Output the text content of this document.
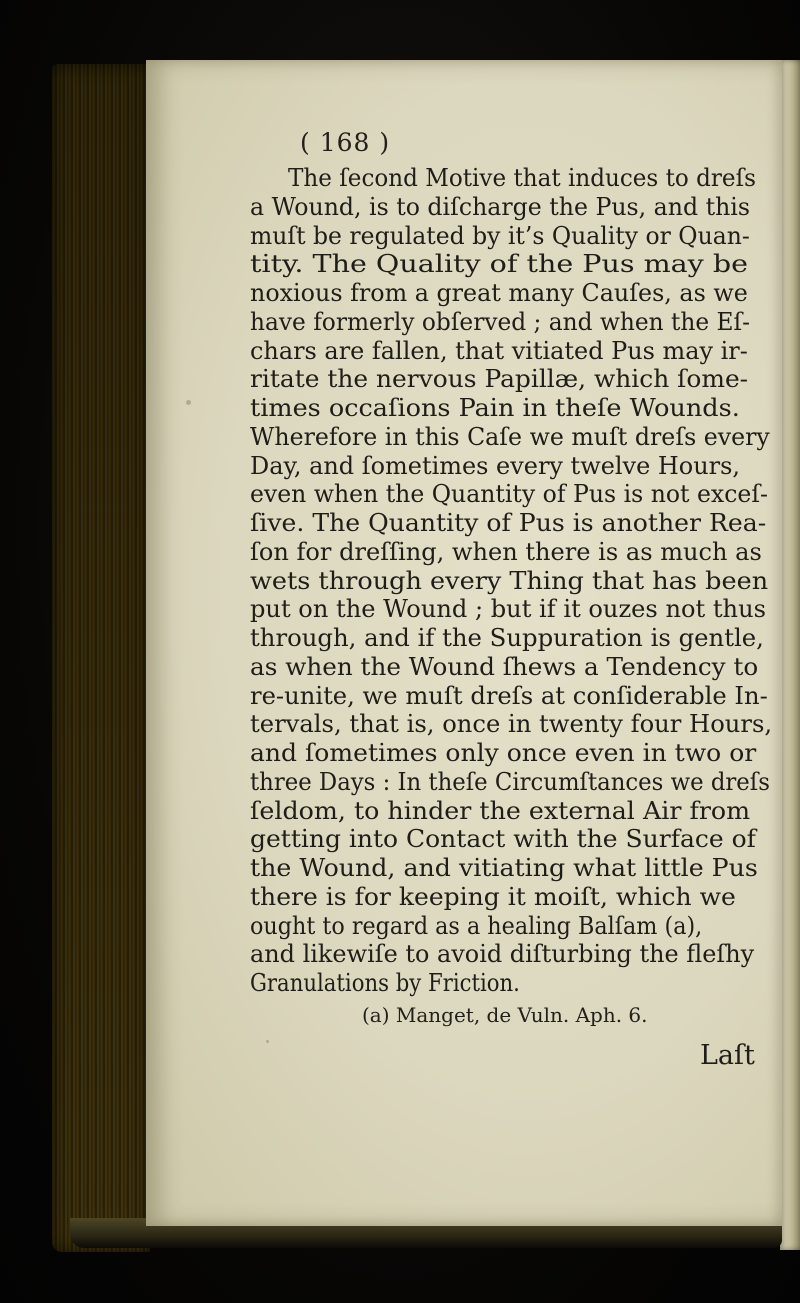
( 168 )
The ſecond Motive that induces to dreſs
a Wound, is to diſcharge the Pus, and this
muſt be regulated by it’s Quality or Quan-
tity. The Quality of the Pus may be
noxious from a great many Cauſes, as we
have formerly obſerved ; and when the Eſ-
chars are fallen, that vitiated Pus may ir-
ritate the nervous Papillæ, which ſome-
times occaſions Pain in theſe Wounds.
Wherefore in this Caſe we muſt dreſs every
Day, and ſometimes every twelve Hours,
even when the Quantity of Pus is not exceſ-
ſive. The Quantity of Pus is another Rea-
ſon for dreſſing, when there is as much as
wets through every Thing that has been
put on the Wound ; but if it ouzes not thus
through, and if the Suppuration is gentle,
as when the Wound ſhews a Tendency to
re-unite, we muſt dreſs at conſiderable In-
tervals, that is, once in twenty four Hours,
and ſometimes only once even in two or
three Days : In theſe Circumſtances we dreſs
ſeldom, to hinder the external Air from
getting into Contact with the Surface of
the Wound, and vitiating what little Pus
there is for keeping it moiſt, which we
ought to regard as a healing Balſam (a),
and likewiſe to avoid diſturbing the fleſhy
Granulations by Friction.
(a) Manget, de Vuln. Aph. 6.
Laſt
